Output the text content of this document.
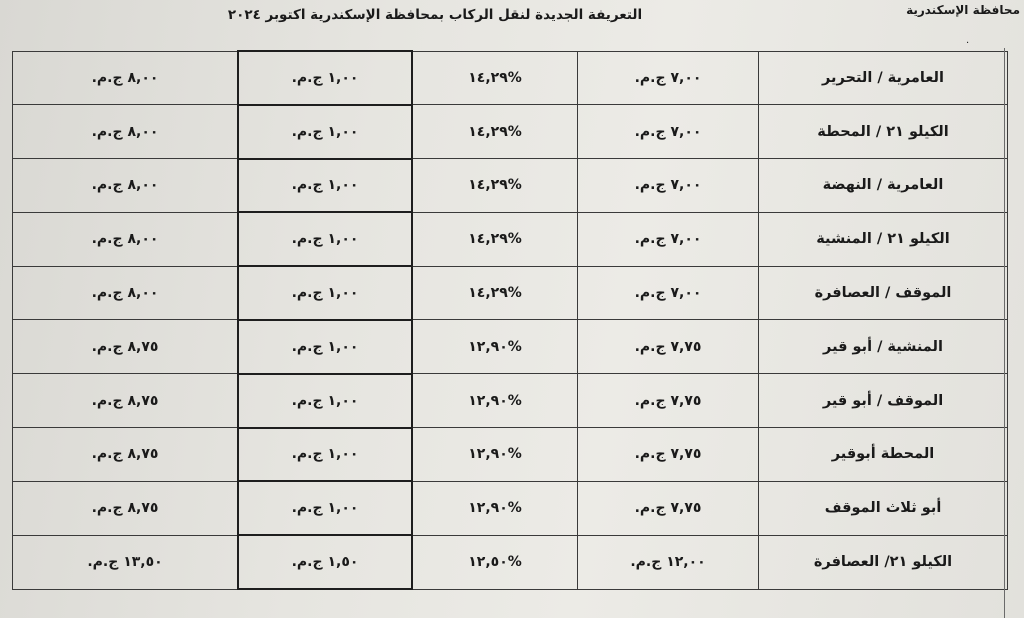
محافظة الإسكندرية
التعريفة الجديدة لنقل الركاب بمحافظة الإسكندرية اكتوبر ٢٠٢٤
·
العامرية / التحرير	٧,٠٠ ج.م.	%١٤,٢٩	١,٠٠ ج.م.	٨,٠٠ ج.م.
الكيلو ٢١ / المحطة	٧,٠٠ ج.م.	%١٤,٢٩	١,٠٠ ج.م.	٨,٠٠ ج.م.
العامرية / النهضة	٧,٠٠ ج.م.	%١٤,٢٩	١,٠٠ ج.م.	٨,٠٠ ج.م.
الكيلو ٢١ / المنشية	٧,٠٠ ج.م.	%١٤,٢٩	١,٠٠ ج.م.	٨,٠٠ ج.م.
الموقف / العصافرة	٧,٠٠ ج.م.	%١٤,٢٩	١,٠٠ ج.م.	٨,٠٠ ج.م.
المنشية / أبو قير	٧,٧٥ ج.م.	%١٢,٩٠	١,٠٠ ج.م.	٨,٧٥ ج.م.
الموقف / أبو قير	٧,٧٥ ج.م.	%١٢,٩٠	١,٠٠ ج.م.	٨,٧٥ ج.م.
المحطة أبوقير	٧,٧٥ ج.م.	%١٢,٩٠	١,٠٠ ج.م.	٨,٧٥ ج.م.
أبو ثلاث الموقف	٧,٧٥ ج.م.	%١٢,٩٠	١,٠٠ ج.م.	٨,٧٥ ج.م.
الكيلو ٢١/ العصافرة	١٢,٠٠ ج.م.	%١٢,٥٠	١,٥٠ ج.م.	١٣,٥٠ ج.م.
